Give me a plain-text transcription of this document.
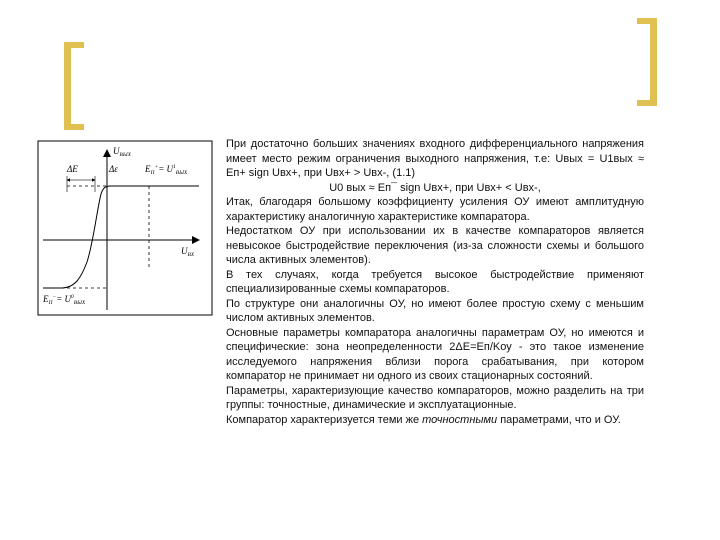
$U_{ВЫХ}$
$U_{ВХ}$
ΔE	Δε	$E_П^+= U^1_{ВЫХ}$
$E_П^-= U^0_{ВЫХ}$

При достаточно больших значениях входного дифференциального напряжения имеет место режим ограничения выходного напряжения, т.е: Uвых = U1вых ≈ Eп+ sign Uвх+, при Uвх+ > Uвх-, (1.1)

U0 вых ≈ Eп¯ sign Uвх+, при Uвх+ < Uвх-,

Итак, благодаря большому коэффициенту усиления ОУ имеют амплитудную характеристику аналогичную характеристике компаратора.

Недостатком ОУ при использовании их в качестве компараторов является невысокое быстродействие переключения (из-за сложности схемы и большого числа активных элементов).

В тех случаях, когда требуется высокое быстродействие применяют специализированные схемы компараторов.

По структуре они аналогичны ОУ, но имеют более простую схему с меньшим числом активных элементов.

Основные параметры компаратора аналогичны параметрам ОУ, но имеются и специфические: зона неопределенности 2ΔE=Eп/Kоу - это такое изменение исследуемого напряжения вблизи порога срабатывания, при котором компаратор не принимает ни одного из своих стационарных состояний.

Параметры, характеризующие качество компараторов, можно разделить на три группы: точностные, динамические и эксплуатационные.

Компаратор характеризуется теми же точностными параметрами, что и ОУ.
